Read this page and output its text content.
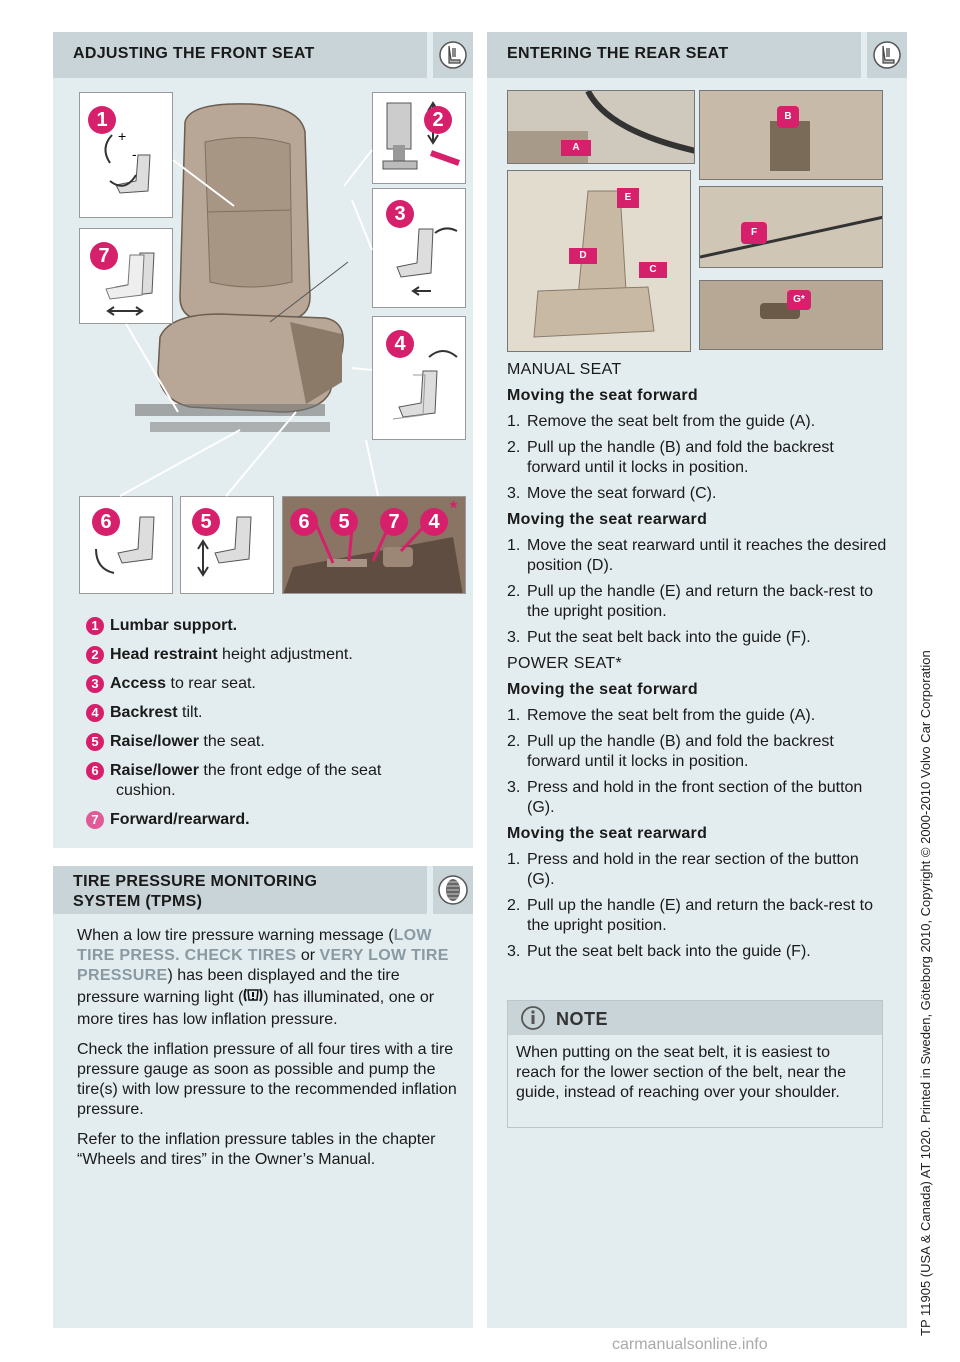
ADJUSTING THE FRONT SEAT
+
-
1	2
3
7
4
6	5	6	5	7	4
*
1 Lumbar support.
2 Head restraint height adjustment.
3 Access to rear seat.
4 Backrest tilt.
5 Raise/lower the seat.
6 Raise/lower the front edge of the seat
cushion.
7 Forward/rearward.
TIRE PRESSURE MONITORING
SYSTEM (TPMS)

When a low tire pressure warning message (LOW TIRE PRESS. CHECK TIRES or VERY LOW TIRE PRESSURE) has been displayed and the tire pressure warning light ( ) has illuminated, one or more tires has low inflation pressure.

Check the inflation pressure of all four tires with a tire pressure gauge as soon as possible and pump the tire(s) with low pressure to the recommended inflation pressure.

Refer to the inflation pressure tables in the chapter “Wheels and tires” in the Owner’s Manual.

ENTERING THE REAR SEAT
A
B
E
D
C
F
G*
MANUAL SEAT
Moving the seat forward
1. Remove the seat belt from the guide (A).
2. Pull up the handle (B) and fold the backrest forward until it locks in position.
3. Move the seat forward (C).
Moving the seat rearward
1. Move the seat rearward until it reaches the desired position (D).
2. Pull up the handle (E) and return the back-rest to the upright position.
3. Put the seat belt back into the guide (F).
POWER SEAT*
Moving the seat forward
1. Remove the seat belt from the guide (A).
2. Pull up the handle (B) and fold the backrest forward until it locks in position.
3. Press and hold in the front section of the button (G).
Moving the seat rearward
1. Press and hold in the rear section of the button (G).
2. Pull up the handle (E) and return the back-rest to the upright position.
3. Put the seat belt back into the guide (F).
NOTE
When putting on the seat belt, it is easiest to reach for the lower section of the belt, near the guide, instead of reaching over your shoulder.	TP 11905 (USA & Canada) AT 1020. Printed in Sweden, Göteborg 2010, Copyright © 2000-2010 Volvo Car Corporation
carmanualsonline.info
